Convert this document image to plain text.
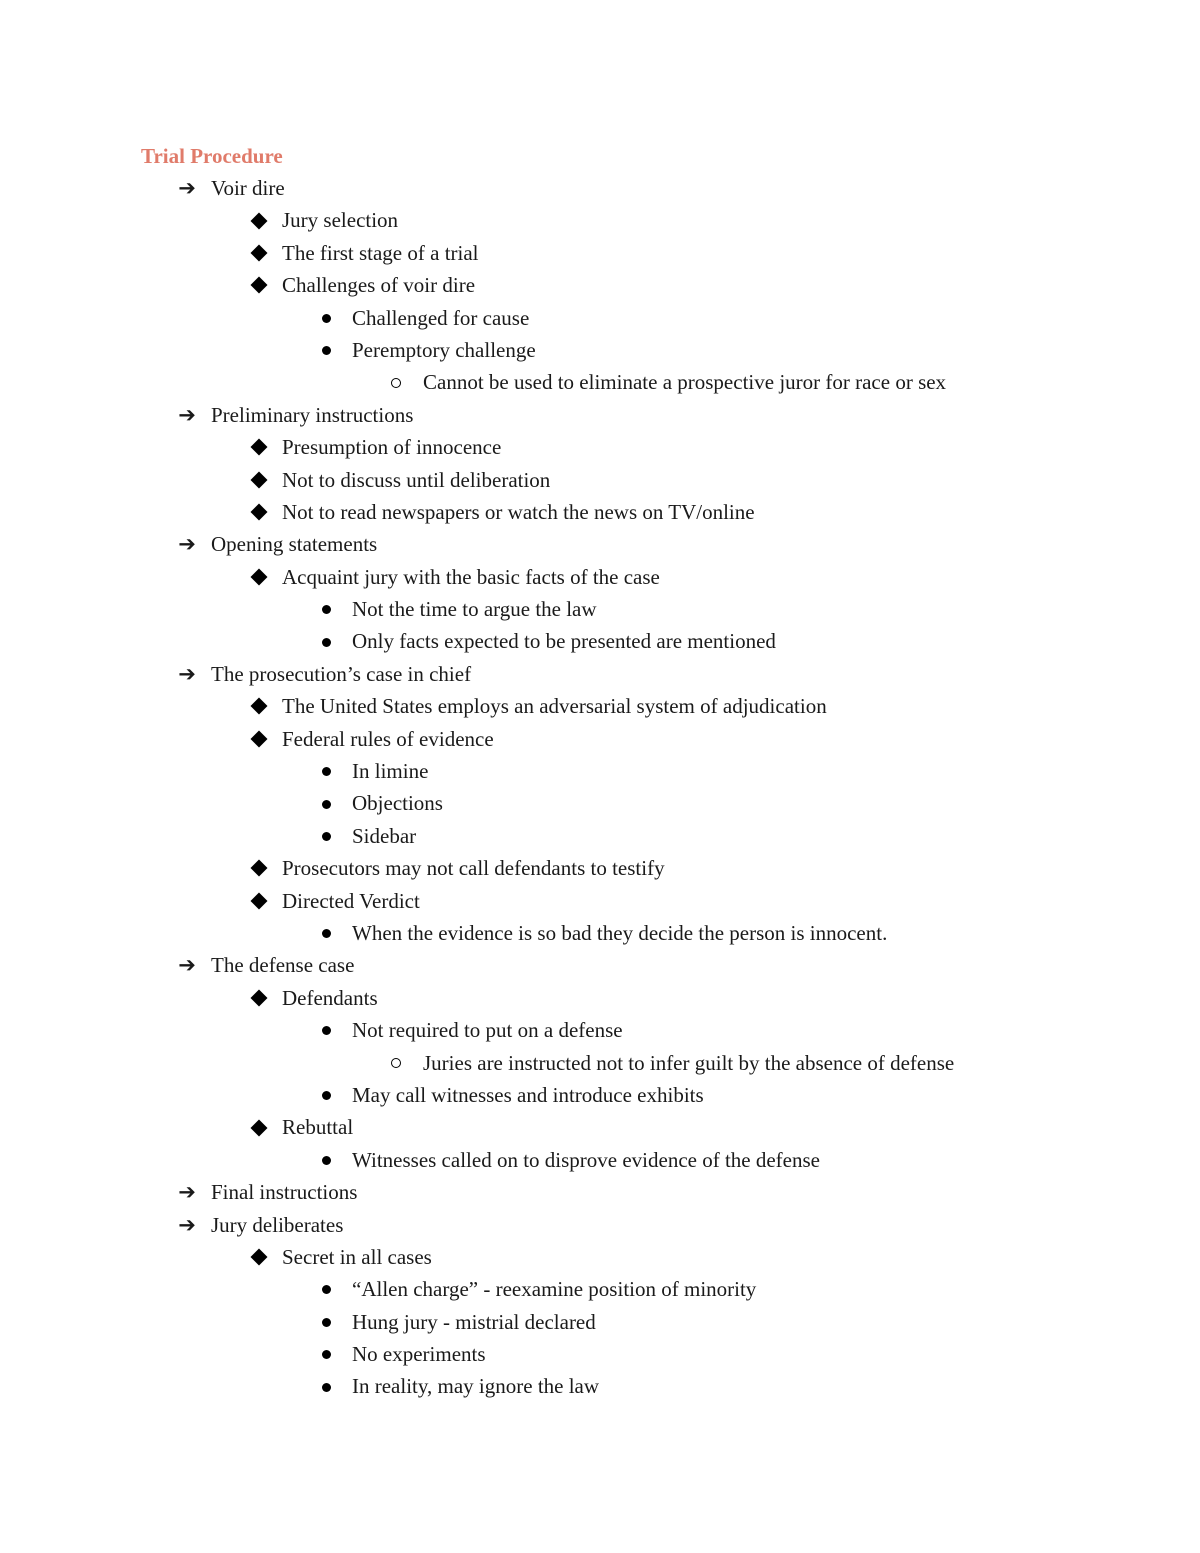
Trial Procedure
➔ Voir dire
Jury selection
The first stage of a trial
Challenges of voir dire
Challenged for cause
Peremptory challenge
Cannot be used to eliminate a prospective juror for race or sex
➔ Preliminary instructions
Presumption of innocence
Not to discuss until deliberation
Not to read newspapers or watch the news on TV/online
➔ Opening statements
Acquaint jury with the basic facts of the case
Not the time to argue the law
Only facts expected to be presented are mentioned
➔ The prosecution’s case in chief
The United States employs an adversarial system of adjudication
Federal rules of evidence
In limine
Objections
Sidebar
Prosecutors may not call defendants to testify
Directed Verdict
When the evidence is so bad they decide the person is innocent.
➔ The defense case
Defendants
Not required to put on a defense
Juries are instructed not to infer guilt by the absence of defense
May call witnesses and introduce exhibits
Rebuttal
Witnesses called on to disprove evidence of the defense
➔ Final instructions
➔ Jury deliberates
Secret in all cases
“Allen charge” - reexamine position of minority
Hung jury - mistrial declared
No experiments
In reality, may ignore the law
